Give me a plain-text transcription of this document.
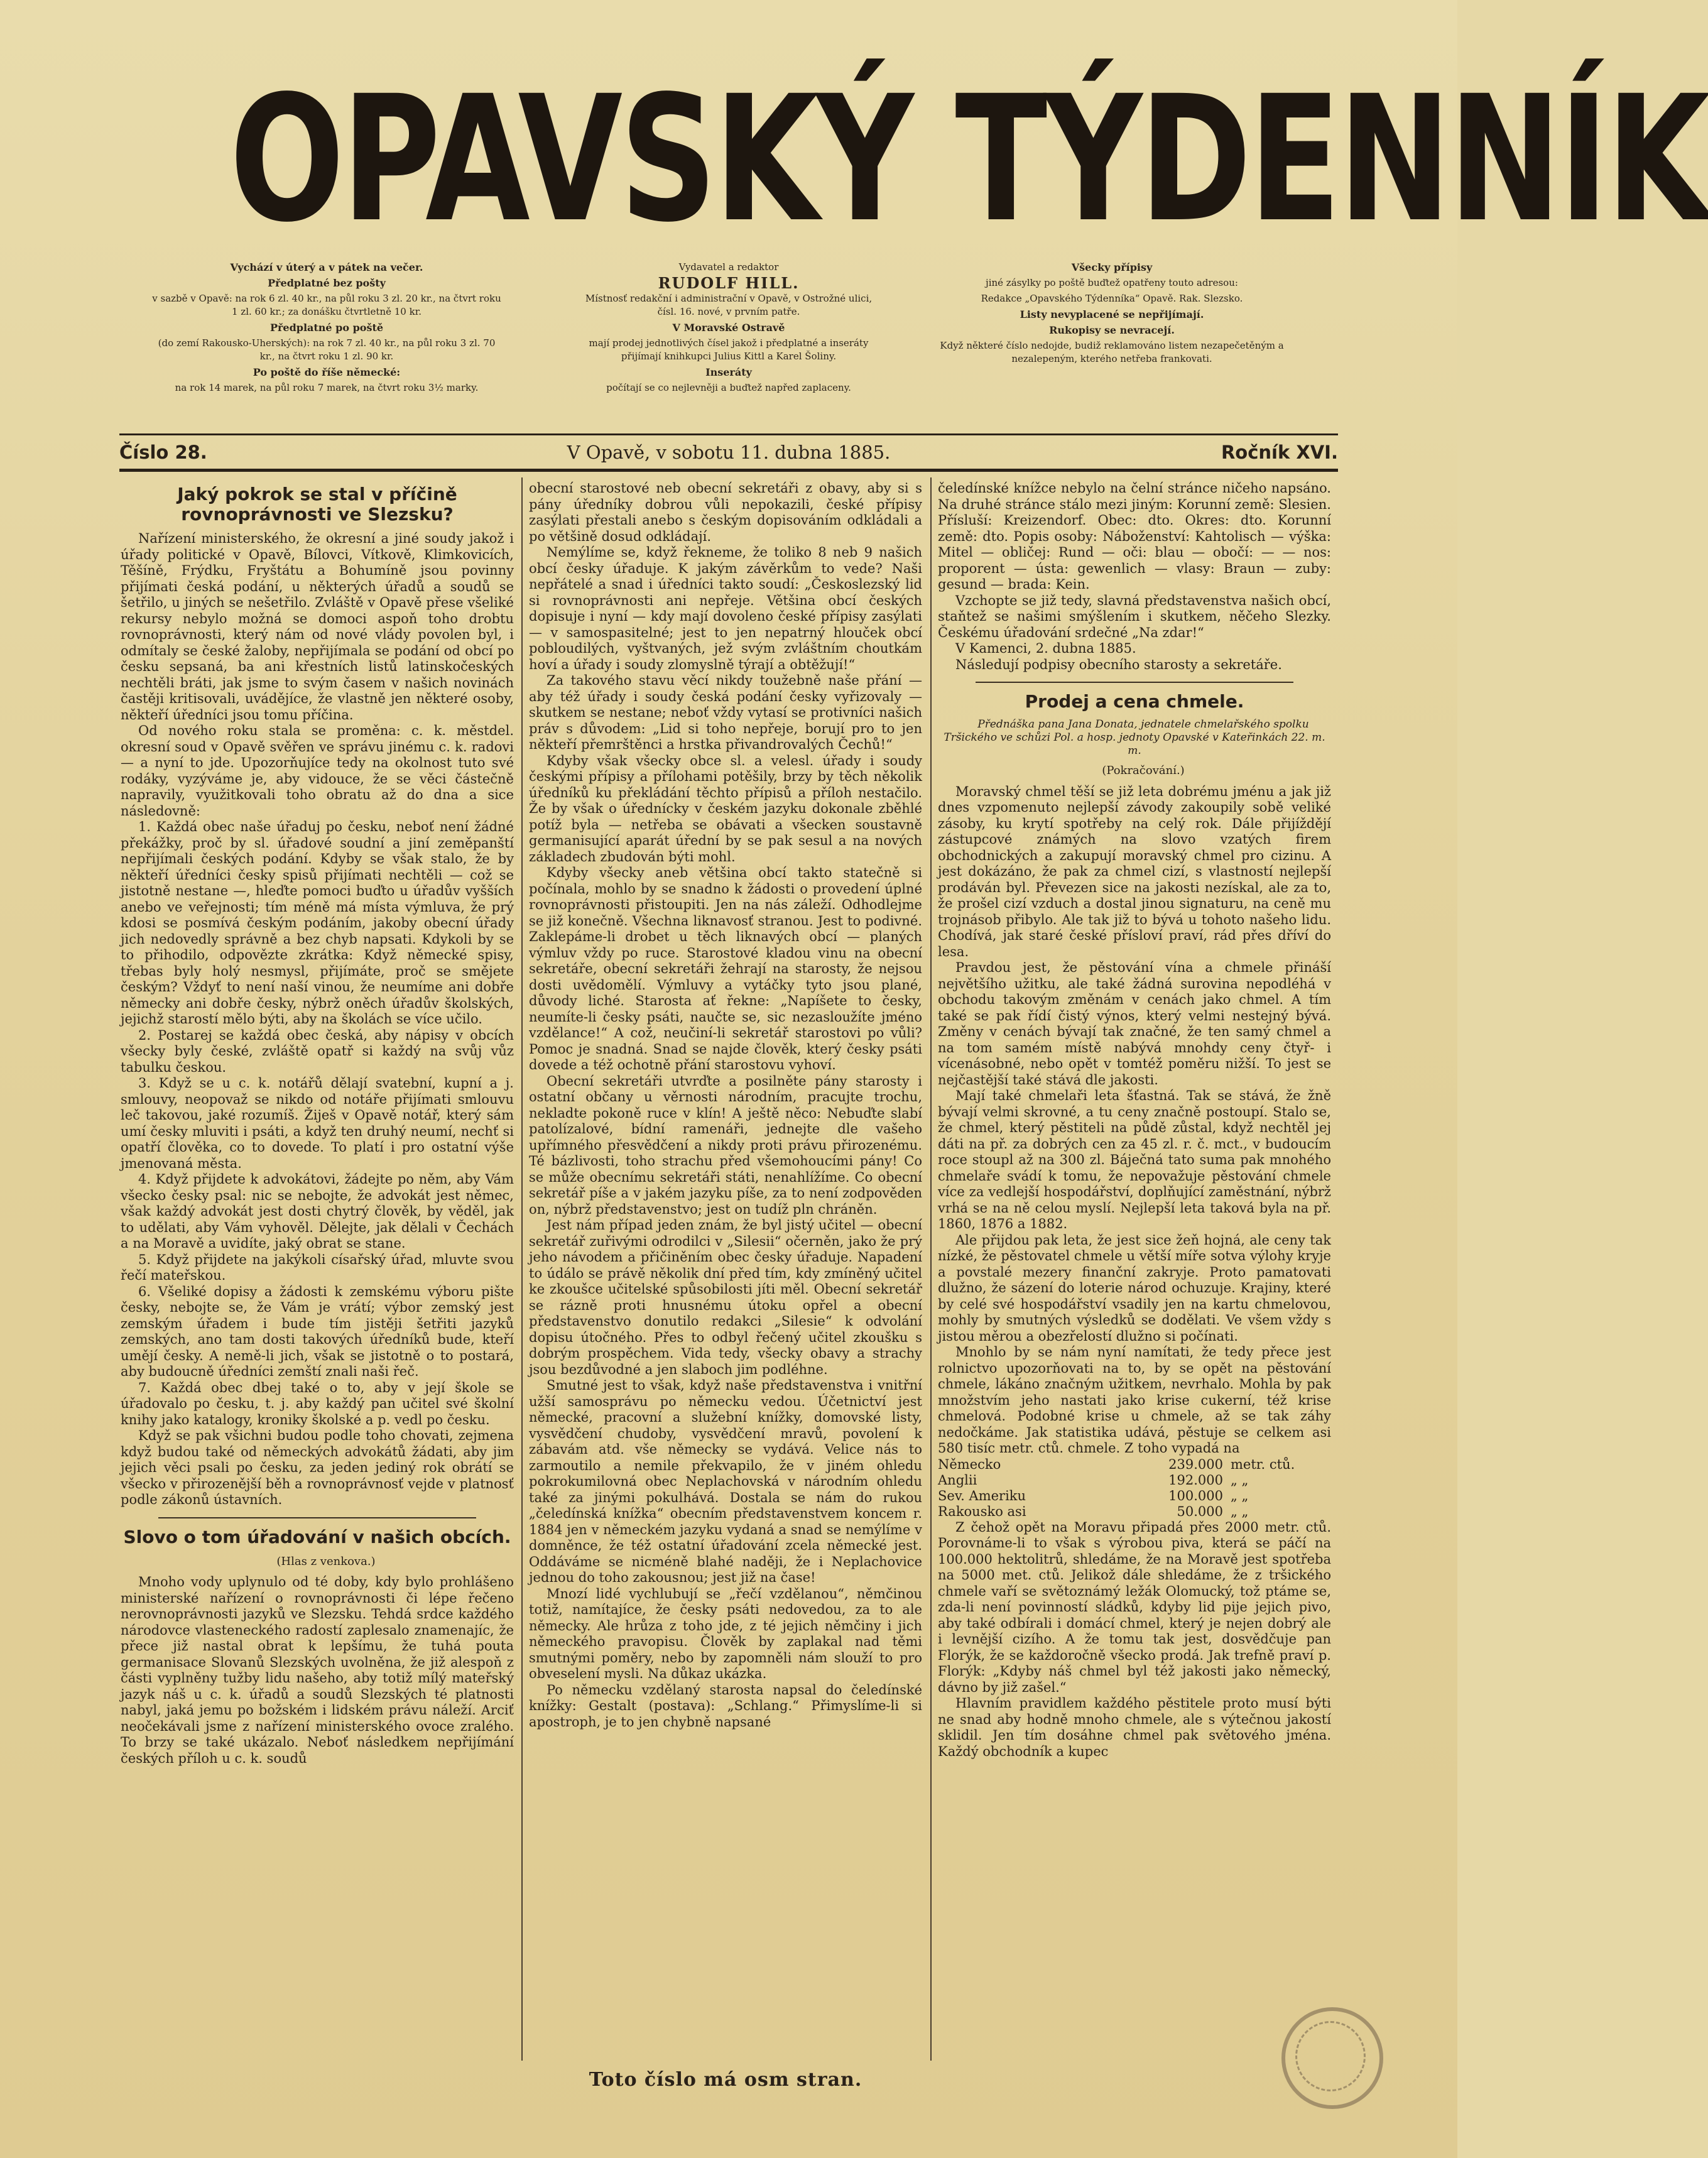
OPAVSKÝ TÝDENNÍK

Vychází v úterý a v pátek na večer.

Předplatné bez pošty

v sazbě v Opavě: na rok 6 zl. 40 kr., na půl roku 3 zl. 20 kr., na čtvrt roku 1 zl. 60 kr.; za donášku čtvrtletně 10 kr.

Předplatné po poště

(do zemí Rakousko-Uherských): na rok 7 zl. 40 kr., na půl roku 3 zl. 70 kr., na čtvrt roku 1 zl. 90 kr.

Po poště do říše německé:

na rok 14 marek, na půl roku 7 marek, na čtvrt roku 3½ marky.

Vydavatel a redaktor

RUDOLF HILL.

Místnosť redakční i administrační v Opavě, v Ostrožné ulici, čísl. 16. nové, v prvním patře.

V Moravské Ostravě

mají prodej jednotlivých čísel jakož i předplatné a inseráty přijímají knihkupci Julius Kittl a Karel Šoliny.

Inseráty

počítají se co nejlevněji a buďtež napřed zaplaceny.

Všecky přípisy

jiné zásylky po poště buďtež opatřeny touto adresou:

Redakce „Opavského Týdenníka“ Opavě. Rak. Slezsko.

Listy nevyplacené se nepřijímají.

Rukopisy se nevracejí.

Když některé číslo nedojde, budiž reklamováno listem nezapečetěným a nezalepeným, kterého netřeba frankovati.

V Opavě, v sobotu 11. dubna 1885.
Číslo 28.	Ročník XVI.
Jaký pokrok se stal v příčině rovnoprávnosti ve Slezsku?

Nařízení ministerského, že okresní a jiné soudy jakož i úřady politické v Opavě, Bílovci, Vítkově, Klimkovicích, Těšíně, Frýdku, Fryštátu a Bohumíně jsou povinny přijímati česká podání, u některých úřadů a soudů se šetřilo, u jiných se nešetřilo. Zvláště v Opavě přese všeliké rekursy nebylo možná se domoci aspoň toho drobtu rovnoprávnosti, který nám od nové vlády povolen byl, i odmítaly se české žaloby, nepřijímala se podání od obcí po česku sepsaná, ba ani křestních listů latinskočeských nechtěli bráti, jak jsme to svým časem v našich novinách častěji kritisovali, uvádějíce, že vlastně jen některé osoby, někteří úředníci jsou tomu příčina.

Od nového roku stala se proměna: c. k. městdel. okresní soud v Opavě svěřen ve správu jinému c. k. radovi — a nyní to jde. Upozorňujíce tedy na okolnost tuto své rodáky, vyzýváme je, aby vidouce, že se věci částečně napravily, využitkovali toho obratu až do dna a sice následovně:

1. Každá obec naše úřaduj po česku, neboť není žádné překážky, proč by sl. úřadové soudní a jiní zeměpanští nepřijímali českých podání. Kdyby se však stalo, že by někteří úředníci česky spisů přijímati nechtěli — což se jistotně nestane —, hleďte pomoci buďto u úřadův vyšších anebo ve veřejnosti; tím méně má místa výmluva, že prý kdosi se posmívá českým podáním, jakoby obecní úřady jich nedovedly správně a bez chyb napsati. Kdykoli by se to přihodilo, odpovězte zkrátka: Když německé spisy, třebas byly holý nesmysl, přijímáte, proč se smějete českým? Vždyť to není naší vinou, že neumíme ani dobře německy ani dobře česky, nýbrž oněch úřadův školských, jejichž starostí mělo býti, aby na školách se více učilo.

2. Postarej se každá obec česká, aby nápisy v obcích všecky byly české, zvláště opatř si každý na svůj vůz tabulku českou.

3. Když se u c. k. notářů dělají svatební, kupní a j. smlouvy, neopovaž se nikdo od notáře přijímati smlouvu leč takovou, jaké rozumíš. Žiješ v Opavě notář, který sám umí česky mluviti i psáti, a když ten druhý neumí, nechť si opatří člověka, co to dovede. To platí i pro ostatní výše jmenovaná města.

4. Když přijdete k advokátovi, žádejte po něm, aby Vám všecko česky psal: nic se nebojte, že advokát jest němec, však každý advokát jest dosti chytrý člověk, by věděl, jak to udělati, aby Vám vyhověl. Dělejte, jak dělali v Čechách a na Moravě a uvidíte, jaký obrat se stane.

5. Když přijdete na jakýkoli císařský úřad, mluvte svou řečí mateřskou.

6. Všeliké dopisy a žádosti k zemskému výboru pište česky, nebojte se, že Vám je vrátí; výbor zemský jest zemským úřadem i bude tím jistěji šetřiti jazyků zemských, ano tam dosti takových úředníků bude, kteří umějí česky. A nemě-li jich, však se jistotně o to postará, aby budoucně úředníci zemští znali naši řeč.

7. Každá obec dbej také o to, aby v její škole se úřadovalo po česku, t. j. aby každý pan učitel své školní knihy jako katalogy, kroniky školské a p. vedl po česku.

Když se pak všichni budou podle toho chovati, zejmena když budou také od německých advokátů žádati, aby jim jejich věci psali po česku, za jeden jediný rok obrátí se všecko v přirozenější běh a rovnoprávnosť vejde v platnosť podle zákonů ústavních.

Slovo o tom úřadování v našich obcích.

(Hlas z venkova.)

Mnoho vody uplynulo od té doby, kdy bylo prohlášeno ministerské nařízení o rovnoprávnosti či lépe řečeno nerovnoprávnosti jazyků ve Slezsku. Tehdá srdce každého národovce vlasteneckého radostí zaplesalo znamenajíc, že přece již nastal obrat k lepšímu, že tuhá pouta germanisace Slovanů Slezských uvolněna, že již alespoň z části vyplněny tužby lidu našeho, aby totiž mílý mateřský jazyk náš u c. k. úřadů a soudů Slezských té platnosti nabyl, jaká jemu po božském i lidském právu náleží. Arciť neočekávali jsme z nařízení ministerského ovoce zralého. To brzy se také ukázalo. Neboť následkem nepřijímání českých příloh u c. k. soudů

obecní starostové neb obecní sekretáři z obavy, aby si s pány úředníky dobrou vůli nepokazili, české přípisy zasýlati přestali anebo s českým dopisováním odkládali a po většině dosud odkládají.

Nemýlíme se, když řekneme, že toliko 8 neb 9 našich obcí česky úřaduje. K jakým závěrkům to vede? Naši nepřátelé a snad i úředníci takto soudí: „Českoslezský lid si rovnoprávnosti ani nepřeje. Většina obcí českých dopisuje i nyní — kdy mají dovoleno české přípisy zasýlati — v samospasitelné; jest to jen nepatrný hlouček obcí pobloudilých, vyštvaných, jež svým zvláštním choutkám hoví a úřady i soudy zlomyslně týrají a obtěžují!“

Za takového stavu věcí nikdy toužebně naše přání — aby též úřady i soudy česká podání česky vyřizovaly — skutkem se nestane; neboť vždy vytasí se protivníci našich práv s důvodem: „Lid si toho nepřeje, borují pro to jen někteří přemrštěnci a hrstka přivandrovalých Čechů!“

Kdyby však všecky obce sl. a velesl. úřady i soudy českými přípisy a přílohami potěšily, brzy by těch několik úředníků ku překládání těchto přípisů a příloh nestačilo. Že by však o úřednícky v českém jazyku dokonale zběhlé potíž byla — netřeba se obávati a všecken soustavně germanisující aparát úřední by se pak sesul a na nových základech zbudován býti mohl.

Kdyby všecky aneb většina obcí takto statečně si počínala, mohlo by se snadno k žádosti o provedení úplné rovnoprávnosti přistoupiti. Jen na nás záleží. Odhodlejme se již konečně. Všechna liknavosť stranou. Jest to podivné. Zaklepáme-li drobet u těch liknavých obcí — planých výmluv vždy po ruce. Starostové kladou vinu na obecní sekretáře, obecní sekretáři žehrají na starosty, že nejsou dosti uvědomělí. Výmluvy a vytáčky tyto jsou plané, důvody liché. Starosta ať řekne: „Napíšete to česky, neumíte-li česky psáti, naučte se, sic nezasloužíte jméno vzdělance!“ A což, neučiní-li sekretář starostovi po vůli? Pomoc je snadná. Snad se najde člověk, který česky psáti dovede a též ochotně přání starostovu vyhoví.

Obecní sekretáři utvrďte a posilněte pány starosty i ostatní občany u věrnosti národním, pracujte trochu, nekladte pokoně ruce v klín! A ještě něco: Nebuďte slabí patolízalové, bídní ramenáři, jednejte dle vašeho upřímného přesvědčení a nikdy proti právu přirozenému. Té bázlivosti, toho strachu před všemohoucími pány! Co se může obecnímu sekretáři státi, nenahlížíme. Co obecní sekretář píše a v jakém jazyku píše, za to není zodpověden on, nýbrž představenstvo; jest on tudíž pln chráněn.

Jest nám případ jeden znám, že byl jistý učitel — obecní sekretář zuřivými odrodilci v „Silesii“ očerněn, jako že prý jeho návodem a přičiněním obec česky úřaduje. Napadení to údálo se právě několik dní před tím, kdy zmíněný učitel ke zkoušce učitelské spůsobilosti jíti měl. Obecní sekretář se rázně proti hnusnému útoku opřel a obecní představenstvo donutilo redakci „Silesie“ k odvolání dopisu útočného. Přes to odbyl řečený učitel zkoušku s dobrým prospěchem. Vida tedy, všecky obavy a strachy jsou bezdůvodné a jen slaboch jim podléhne.

Smutné jest to však, když naše představenstva i vnitřní užší samosprávu po německu vedou. Účetnictví jest německé, pracovní a služební knížky, domovské listy, vysvědčení chudoby, vysvědčení mravů, povolení k zábavám atd. vše německy se vydává. Velice nás to zarmoutilo a nemile překvapilo, že v jiném ohledu pokrokumilovná obec Neplachovská v národním ohledu také za jinými pokulhává. Dostala se nám do rukou „čeledínská knížka“ obecním představenstvem koncem r. 1884 jen v německém jazyku vydaná a snad se nemýlíme v domněnce, že též ostatní úřadování zcela německé jest. Oddáváme se nicméně blahé naději, že i Neplachovice jednou do toho zakousnou; jest již na čase!

Mnozí lidé vychlubují se „řečí vzdělanou“, němčinou totiž, namítajíce, že česky psáti nedovedou, za to ale německy. Ale hrůza z toho jde, z té jejich němčiny i jich německého pravopisu. Člověk by zaplakal nad těmi smutnými poměry, nebo by zapomněli nám slouží to pro obveselení mysli. Na důkaz ukázka.

Po německu vzdělaný starosta napsal do čeledínské knížky: Gestalt (postava): „Schlang.“ Přimyslíme-li si apostroph, je to jen chybně napsané

čeledínské knížce nebylo na čelní stránce ničeho napsáno. Na druhé stránce stálo mezi jiným: Korunní země: Slesien. Přísluší: Kreizendorf. Obec: dto. Okres: dto. Korunní země: dto. Popis osoby: Náboženství: Kahtolisch — výška: Mitel — obličej: Rund — oči: blau — obočí: — — nos: proporent — ústa: gewenlich — vlasy: Braun — zuby: gesund — brada: Kein.

Vzchopte se již tedy, slavná představenstva našich obcí, staňtež se našimi smýšlením i skutkem, něčeho Slezky. Českému úřadování srdečné „Na zdar!“

V Kamenci, 2. dubna 1885.

Následují podpisy obecního starosty a sekretáře.

Prodej a cena chmele.

Přednáška pana Jana Donata, jednatele chmelařského spolku Tršického ve schůzi Pol. a hosp. jednoty Opavské v Kateřinkách 22. m. m.

(Pokračování.)

Moravský chmel těší se již leta dobrému jménu a jak již dnes vzpomenuto nejlepší závody zakoupily sobě veliké zásoby, ku krytí spotřeby na celý rok. Dále přijíždějí zástupcové známých na slovo vzatých firem obchodnických a zakupují moravský chmel pro cizinu. A jest dokázáno, že pak za chmel cizí, s vlastností nejlepší prodáván byl. Převezen sice na jakosti nezískal, ale za to, že prošel cizí vzduch a dostal jinou signaturu, na ceně mu trojnásob přibylo. Ale tak již to bývá u tohoto našeho lidu. Chodívá, jak staré české přísloví praví, rád přes dříví do lesa.

Pravdou jest, že pěstování vína a chmele přináší největšího užitku, ale také žádná surovina nepodléhá v obchodu takovým změnám v cenách jako chmel. A tím také se pak řídí čistý výnos, který velmi nestejný bývá. Změny v cenách bývají tak značné, že ten samý chmel a na tom samém místě nabývá mnohdy ceny čtyř- i vícenásobné, nebo opět v tomtéž poměru nižší. To jest se nejčastější také stává dle jakosti.

Mají také chmelaři leta šťastná. Tak se stává, že žně bývají velmi skrovné, a tu ceny značně postoupí. Stalo se, že chmel, který pěstiteli na půdě zůstal, když nechtěl jej dáti na př. za dobrých cen za 45 zl. r. č. mct., v budoucím roce stoupl až na 300 zl. Báječná tato suma pak mnohého chmelaře svádí k tomu, že nepovažuje pěstování chmele více za vedlejší hospodářství, doplňující zaměstnání, nýbrž vrhá se na ně celou myslí. Nejlepší leta taková byla na př. 1860, 1876 a 1882.

Ale přijdou pak leta, že jest sice žeň hojná, ale ceny tak nízké, že pěstovatel chmele u větší míře sotva výlohy kryje a povstalé mezery finanční zakryje. Proto pamatovati dlužno, že sázení do loterie národ ochuzuje. Krajiny, které by celé své hospodářství vsadily jen na kartu chmelovou, mohly by smutných výsledků se dodělati. Ve všem vždy s jistou měrou a obezřelostí dlužno si počínati.

Mnohlo by se nám nyní namítati, že tedy přece jest rolnictvo upozorňovati na to, by se opět na pěstování chmele, lákáno značným užitkem, nevrhalo. Mohla by pak množstvím jeho nastati jako krise cukerní, též krise chmelová. Podobné krise u chmele, až se tak záhy nedočkáme. Jak statistika udává, pěstuje se celkem asi 580 tisíc metr. ctů. chmele. Z toho vypadá na

Německo	239.000 metr. ctů.
Anglii	192.000 „ „
Sev. Ameriku	100.000 „ „
Rakousko asi	50.000 „ „

Z čehož opět na Moravu připadá přes 2000 metr. ctů. Porovnáme-li to však s výrobou piva, která se páčí na 100.000 hektolitrů, shledáme, že na Moravě jest spotřeba na 5000 met. ctů. Jelikož dále shledáme, že z tršického chmele vaří se světoznámý ležák Olomucký, tož ptáme se, zda-li není povinností sládků, kdyby lid pije jejich pivo, aby také odbírali i domácí chmel, který je nejen dobrý ale i levnější cizího. A že tomu tak jest, dosvědčuje pan Florýk, že se každoročně všecko prodá. Jak trefně praví p. Florýk: „Kdyby náš chmel byl též jakosti jako německý, dávno by již zašel.“

Hlavním pravidlem každého pěstitele proto musí býti ne snad aby hodně mnoho chmele, ale s výtečnou jakostí sklidil. Jen tím dosáhne chmel pak světového jména. Každý obchodník a kupec

Toto číslo má osm stran.
